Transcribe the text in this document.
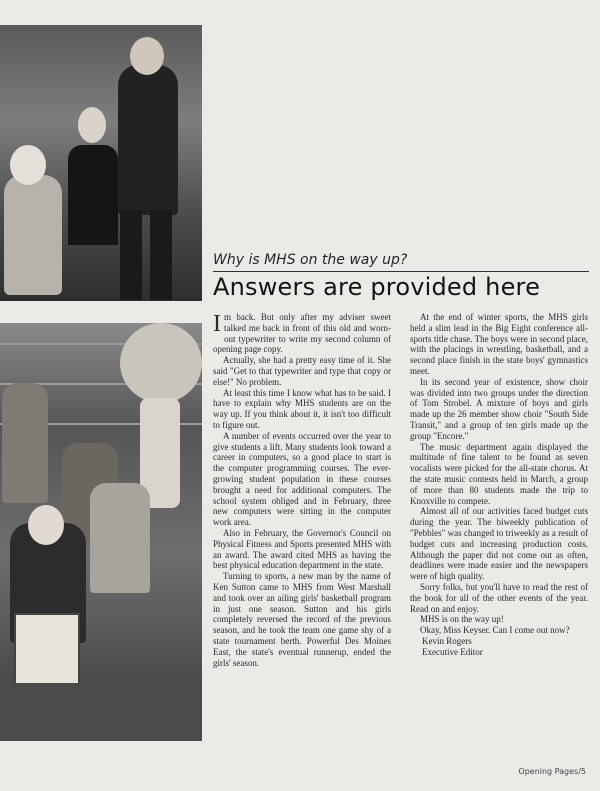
Why is MHS on the way up?
Answers are provided here

Im back. But only after my adviser sweet talked me back in front of this old and worn-out typewriter to write my second column of opening page copy.

Actually, she had a pretty easy time of it. She said "Get to that typewriter and type that copy or else!" No problem.

At least this time I know what has to be said. I have to explain why MHS students are on the way up. If you think about it, it isn't too difficult to figure out.

A number of events occurred over the year to give students a lift. Many students look toward a career in computers, so a good place to start is the computer programming courses. The ever-growing student population in these courses brought a need for additional computers. The school system obliged and in February, three new computers were sitting in the computer work area.

Also in February, the Governor's Council on Physical Fitness and Sports presented MHS with an award. The award cited MHS as having the best physical education department in the state.

Turning to sports, a new man by the name of Ken Sutton came to MHS from West Marshall and took over an ailing girls' basketball program in just one season. Sutton and his girls completely reversed the record of the previous season, and he took the team one game shy of a state tournament berth. Powerful Des Moines East, the state's eventual runnerup, ended the girls' season.

At the end of winter sports, the MHS girls held a slim lead in the Big Eight conference all-sports title chase. The boys were in second place, with the placings in wrestling, basketball, and a second place finish in the state boys' gymnastics meet.

In its second year of existence, show choir was divided into two groups under the direction of Tom Strobel. A mixture of boys and girls made up the 26 member show choir "South Side Transit," and a group of ten girls made up the group "Encore."

The music department again displayed the multitude of fine talent to be found as seven vocalists were picked for the all-state chorus. At the state music contests held in March, a group of more than 80 students made the trip to Knoxville to compete.

Almost all of our activities faced budget cuts during the year. The biweekly publication of "Pebbles" was changed to triweekly as a result of budget cuts and increasing production costs. Although the paper did not come out as often, deadlines were made easier and the newspapers were of high quality.

Sorry folks, but you'll have to read the rest of the book for all of the other events of the year. Read on and enjoy.

MHS is on the way up!

Okay, Miss Keyser. Can I come out now?

Kevin Rogers

Executive Editor

Opening Pages/5
